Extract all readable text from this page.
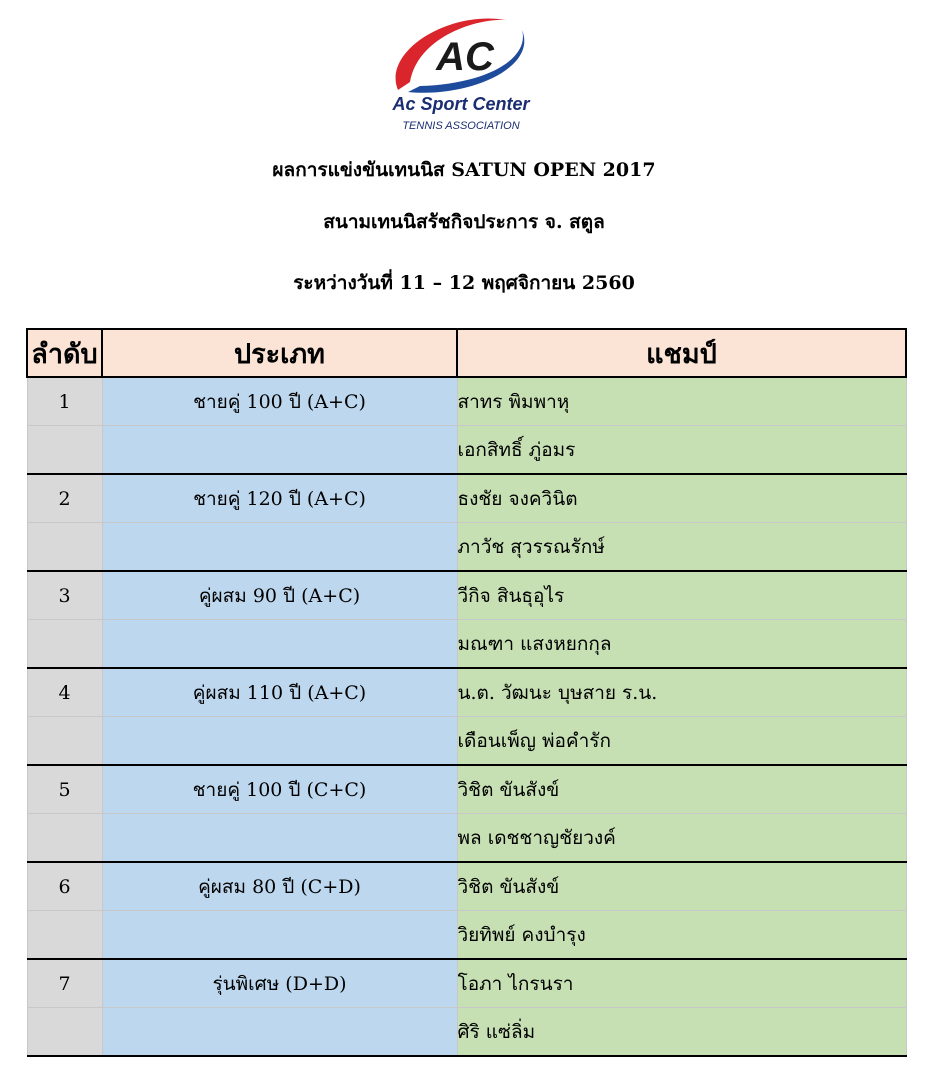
AC
Ac Sport Center
TENNIS ASSOCIATION
ผลการแข่งขันเทนนิส SATUN OPEN 2017
สนามเทนนิสรัชกิจประการ จ. สตูล
ระหว่างวันที่ 11 – 12 พฤศจิกายน 2560
ลำดับ	ประเภท	แชมป์
1	ชายคู่ 100 ปี (A+C)	สาทร พิมพาหุ
		เอกสิทธิ์ ภู่อมร
2	ชายคู่ 120 ปี (A+C)	ธงชัย จงควินิต
		ภาวัช สุวรรณรักษ์
3	คู่ผสม 90 ปี (A+C)	วีกิจ สินธุอุไร
		มณฑา แสงหยกกุล
4	คู่ผสม 110 ปี (A+C)	น.ต. วัฒนะ บุษสาย ร.น.
		เดือนเพ็ญ พ่อคำรัก
5	ชายคู่ 100 ปี (C+C)	วิชิต ขันสังข์
		พล เดชชาญชัยวงค์
6	คู่ผสม 80 ปี (C+D)	วิชิต ขันสังข์
		วิยทิพย์ คงบำรุง
7	รุ่นพิเศษ (D+D)	โอภา ไกรนรา
		ศิริ แซ่ลิ่ม
